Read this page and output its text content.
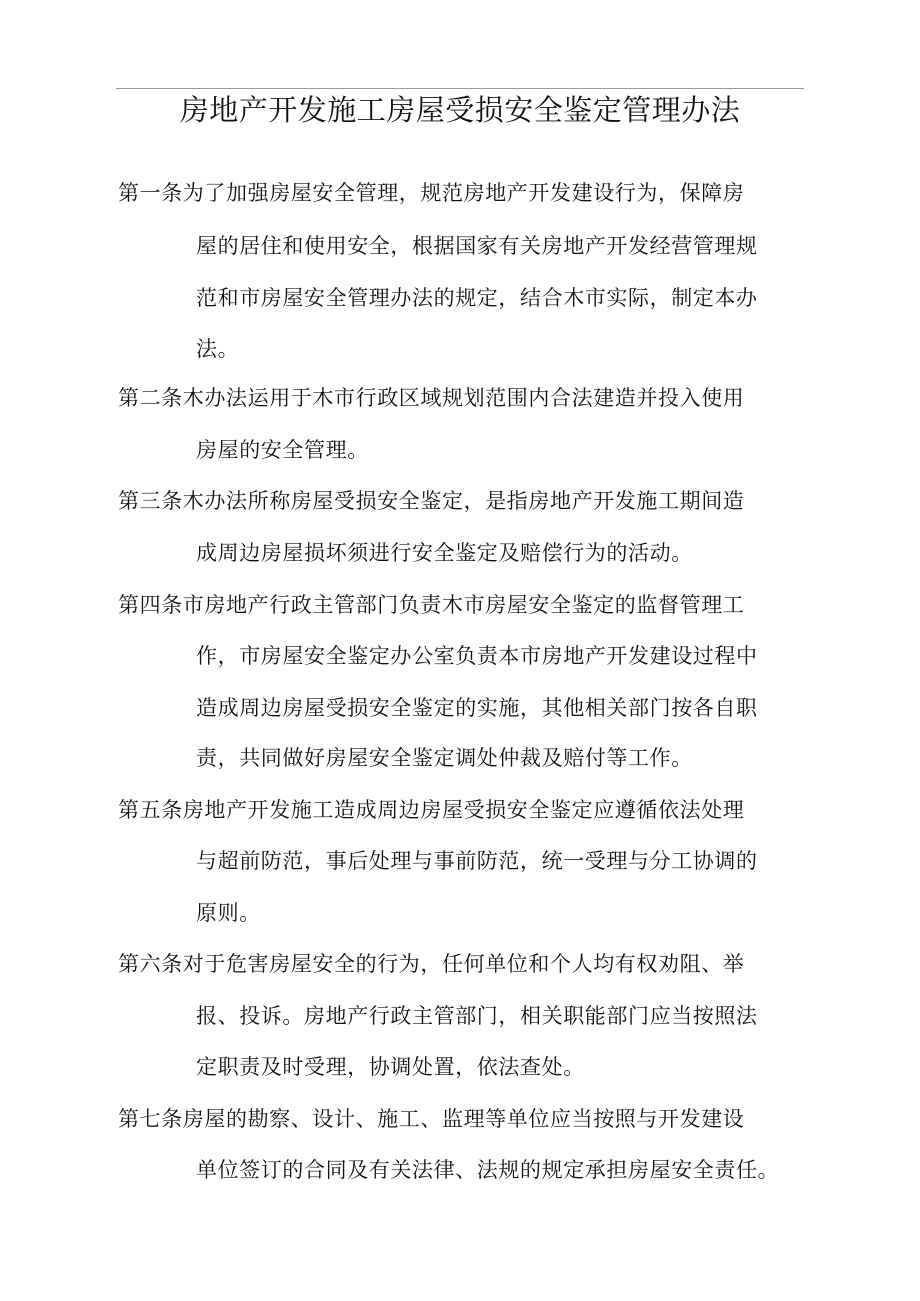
房地产开发施工房屋受损安全鉴定管理办法
第一条为了加强房屋安全管理，规范房地产开发建设行为，保障房
屋的居住和使用安全，根据国家有关房地产开发经营管理规
范和市房屋安全管理办法的规定，结合木市实际，制定本办
法。
第二条木办法运用于木市行政区域规划范围内合法建造并投入使用
房屋的安全管理。
第三条木办法所称房屋受损安全鉴定，是指房地产开发施工期间造
成周边房屋损坏须进行安全鉴定及赔偿行为的活动。
第四条市房地产行政主管部门负责木市房屋安全鉴定的监督管理工
作，市房屋安全鉴定办公室负责本市房地产开发建设过程中
造成周边房屋受损安全鉴定的实施，其他相关部门按各自职
责，共同做好房屋安全鉴定调处仲裁及赔付等工作。
第五条房地产开发施工造成周边房屋受损安全鉴定应遵循依法处理
与超前防范，事后处理与事前防范，统一受理与分工协调的
原则。
第六条对于危害房屋安全的行为，任何单位和个人均有权劝阻、举
报、投诉。房地产行政主管部门，相关职能部门应当按照法
定职责及时受理，协调处置，依法查处。
第七条房屋的勘察、设计、施工、监理等单位应当按照与开发建设
单位签订的合同及有关法律、法规的规定承担房屋安全责任。
